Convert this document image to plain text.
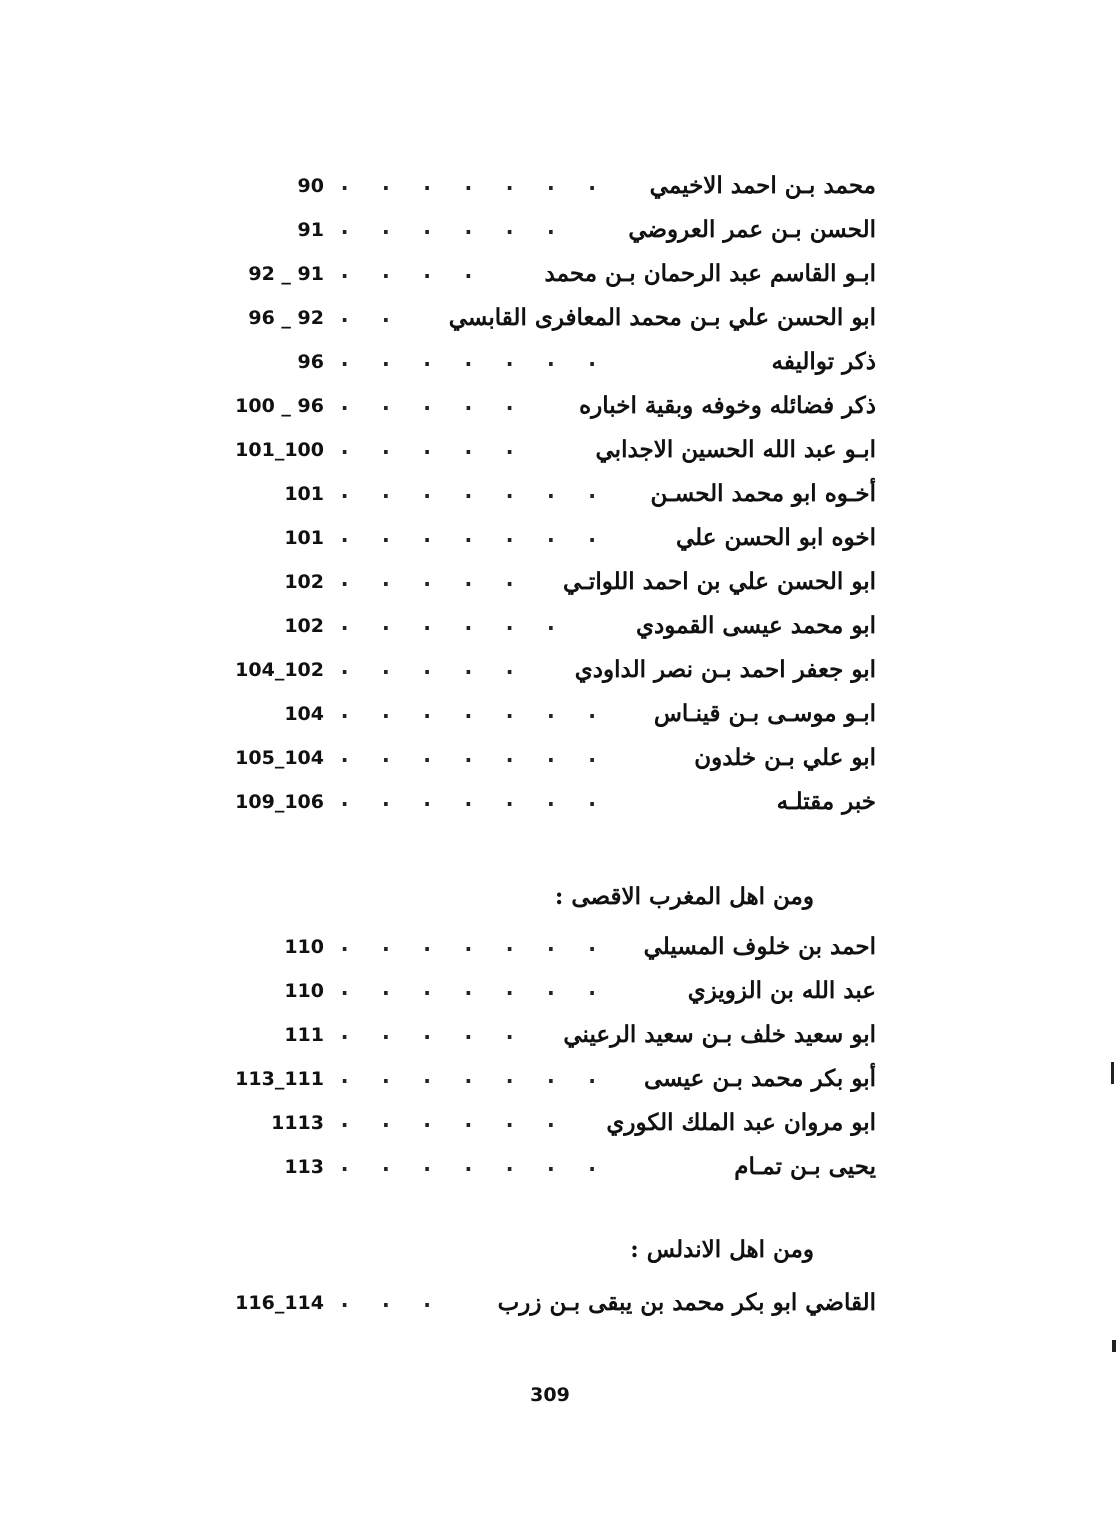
محمد بـن احمد الاخيمي
.......
90
الحسن بـن عمر العروضي
......
91
ابـو القاسم عبد الرحمان بـن محمد
....
92 _ 91
ابو الحسن علي بـن محمد المعافرى القابسي
..
96 _ 92
ذكر تواليفه
.......
96
ذكر فضائله وخوفه وبقية اخباره
.....
100 _ 96
ابـو عبد الله الحسين الاجدابي
.....
101_100
أخـوه ابو محمد الحسـن
.......
101
اخوه ابو الحسن علي
.......
101
ابو الحسن علي بن احمد اللواتـي
.....
102
ابو محمد عيسى القمودي
......
102
ابو جعفر احمد بـن نصر الداودي
.....
104_102
ابـو موسـى بـن قينـاس
.......
104
ابو علي بـن خلدون
.......
105_104
خبر مقتلـه
.......
109_106
ومن اهل المغرب الاقصى :
احمد بن خلوف المسيلي
.......
110
عبد الله بن الزويزي
.......
110
ابو سعيد خلف بـن سعيد الرعيني
.....
111
أبو بكر محمد بـن عيسى
.......
113_111
ابو مروان عبد الملك الكوري
......
1113
يحيى بـن تمـام
.......
113
ومن اهل الاندلس :
القاضي ابو بكر محمد بن يبقى بـن زرب
...
116_114
309
